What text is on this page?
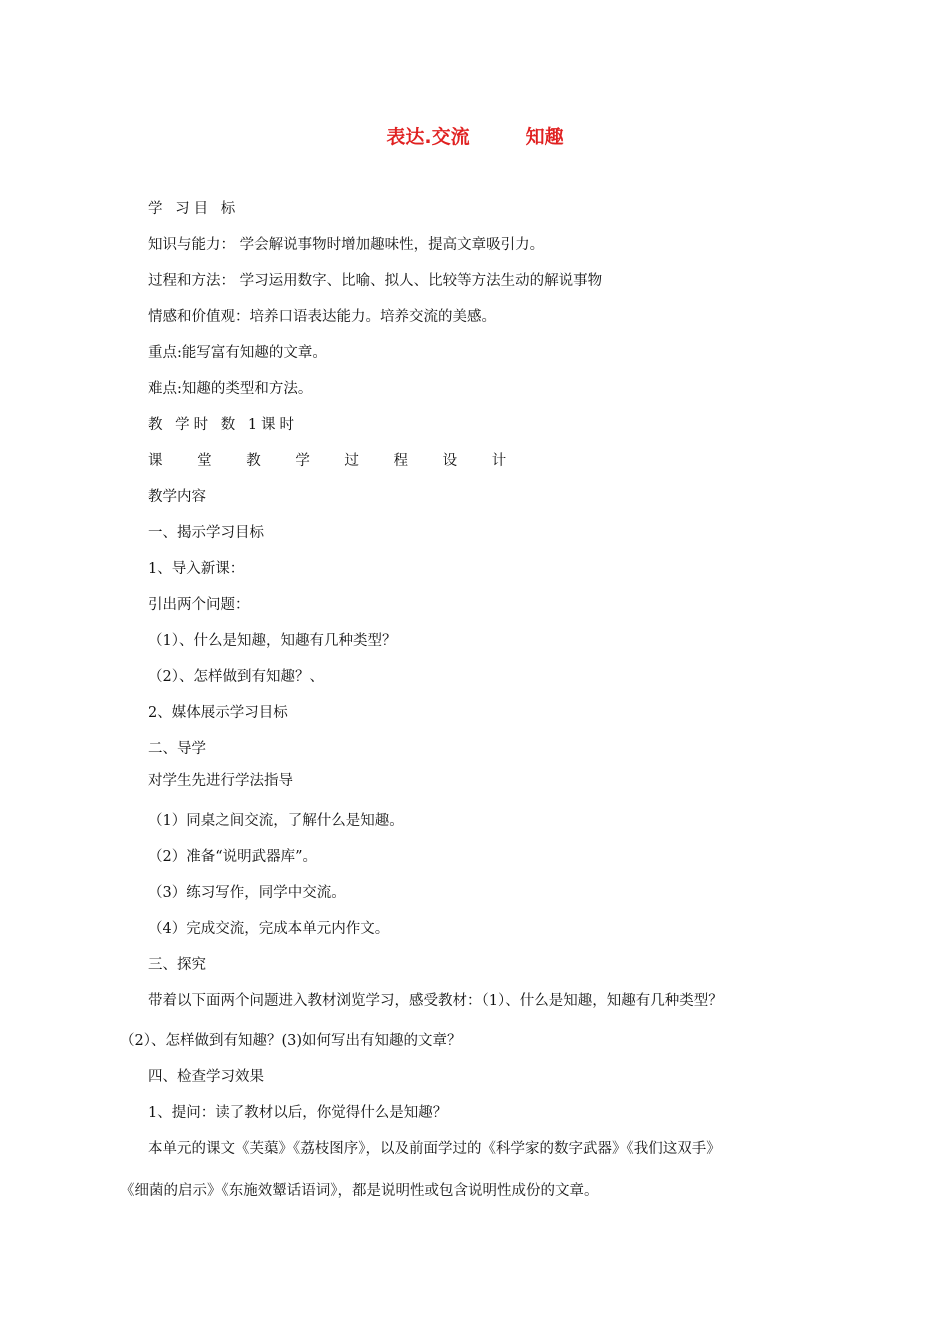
表达.交流	知趣
学 习目 标
知识与能力： 学会解说事物时增加趣味性，提高文章吸引力。
过程和方法： 学习运用数字、比喻、拟人、比较等方法生动的解说事物
情感和价值观：培养口语表达能力。培养交流的美感。
重点:能写富有知趣的文章。
难点:知趣的类型和方法。
教 学时 数 1课时
课 堂 教 学 过 程 设 计
教学内容
一、揭示学习目标
1、导入新课：
引出两个问题：
（1）、什么是知趣，知趣有几种类型？
（2）、怎样做到有知趣？、
2、媒体展示学习目标
二、导学
对学生先进行学法指导
（1）同桌之间交流，了解什么是知趣。
（2）准备“说明武器库”。
（3）练习写作，同学中交流。
（4）完成交流，完成本单元内作文。
三、探究
带着以下面两个问题进入教材浏览学习，感受教材：（1）、什么是知趣，知趣有几种类型？
（2）、怎样做到有知趣？(3)如何写出有知趣的文章？
四、检查学习效果
1、提问：读了教材以后，你觉得什么是知趣？
本单元的课文《芙蕖》《荔枝图序》，以及前面学过的《科学家的数字武器》《我们这双手》
《细菌的启示》《东施效颦话语词》，都是说明性或包含说明性成份的文章。
